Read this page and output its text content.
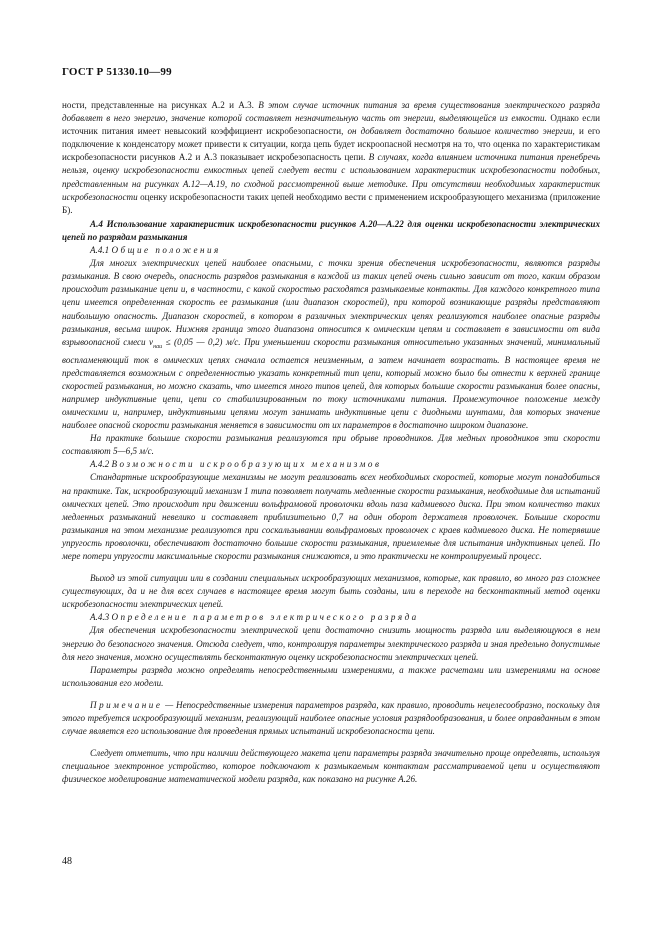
ГОСТ Р 51330.10—99

ности, представленные на рисунках А.2 и А.3. В этом случае источник питания за время существования электрического разряда добавляет в него энергию, значение которой составляет незначительную часть от энергии, выделяющейся из емкости. Однако если источник питания имеет невысокий коэффициент искробезопасности, он добавляет достаточно большое количество энергии, и его подключение к конденсатору может привести к ситуации, когда цепь будет искроопасной несмотря на то, что оценка по характеристикам искробезопасности рисунков А.2 и А.3 показывает искробезопасность цепи. В случаях, когда влиянием источника питания пренебречь нельзя, оценку искробезопасности емкостных цепей следует вести с использованием характеристик искробезопасности подобных, представленным на рисунках А.12—А.19, по сходной рассмотренной выше методике. При отсутствии необходимых характеристик искробезопасности оценку искробезопасности таких цепей необходимо вести с применением искрообразующего механизма (приложение Б).

А.4 Использование характеристик искробезопасности рисунков А.20—А.22 для оценки искробезопасности электрических цепей по разрядам размыкания

А.4.1 Общие положения

Для многих электрических цепей наиболее опасными, с точки зрения обеспечения искробезопасности, являются разряды размыкания. В свою очередь, опасность разрядов размыкания в каждой из таких цепей очень сильно зависит от того, каким образом происходит размыкание цепи и, в частности, с какой скоростью расходятся размыкаемые контакты. Для каждого конкретного типа цепи имеется определенная скорость ее размыкания (или диапазон скоростей), при которой возникающие разряды представляют наибольшую опасность. Диапазон скоростей, в котором в различных электрических цепях реализуются наиболее опасные разряды размыкания, весьма широк. Нижняя граница этого диапазона относится к омическим цепям и составляет в зависимости от вида взрывоопасной смеси $v_{наи} \le (0,05$ — 0,2) м/с. При уменьшении скорости размыкания относительно указанных значений, минимальный воспламеняющий ток в омических цепях сначала остается неизменным, а затем начинает возрастать. В настоящее время не представляется возможным с определенностью указать конкретный тип цепи, который можно было бы отнести к верхней границе скоростей размыкания, но можно сказать, что имеется много типов цепей, для которых большие скорости размыкания более опасны, например индуктивные цепи, цепи со стабилизированным по току источниками питания. Промежуточное положение между омическими и, например, индуктивными цепями могут занимать индуктивные цепи с диодными шунтами, для которых значение наиболее опасной скорости размыкания меняется в зависимости от их параметров в достаточно широком диапазоне.

На практике большие скорости размыкания реализуются при обрыве проводников. Для медных проводников эти скорости составляют 5—6,5 м/с.

А.4.2 Возможности искрообразующих механизмов

Стандартные искрообразующие механизмы не могут реализовать всех необходимых скоростей, которые могут понадобиться на практике. Так, искрообразующий механизм 1 типа позволяет получать медленные скорости размыкания, необходимые для испытаний омических цепей. Это происходит при движении вольфрамовой проволочки вдоль паза кадмиевого диска. При этом количество таких медленных размыканий невелико и составляет приблизительно 0,7 на один оборот держателя проволочек. Большие скорости размыкания на этом механизме реализуются при соскальзывании вольфрамовых проволочек с краев кадмиевого диска. Не потерявшие упругость проволочки, обеспечивают достаточно большие скорости размыкания, приемлемые для испытания индуктивных цепей. По мере потери упругости максимальные скорости размыкания снижаются, и это практически не контролируемый процесс.

Выход из этой ситуации или в создании специальных искрообразующих механизмов, которые, как правило, во много раз сложнее существующих, да и не для всех случаев в настоящее время могут быть созданы, или в переходе на бесконтактный метод оценки искробезопасности электрических цепей.

А.4.3 Определение параметров электрического разряда

Для обеспечения искробезопасности электрической цепи достаточно снизить мощность разряда или выделяющуюся в нем энергию до безопасного значения. Отсюда следует, что, контролируя параметры электрического разряда и зная предельно допустимые для него значения, можно осуществлять бесконтактную оценку искробезопасности электрических цепей.

Параметры разряда можно определять непосредственными измерениями, а также расчетами или измерениями на основе использования его модели.

Примечание — Непосредственные измерения параметров разряда, как правило, проводить нецелесообразно, поскольку для этого требуется искрообразующий механизм, реализующий наиболее опасные условия разрядообразования, и более оправданным в этом случае является его использование для проведения прямых испытаний искробезопасности цепи.

Следует отметить, что при наличии действующего макета цепи параметры разряда значительно проще определять, используя специальное электронное устройство, которое подключают к размыкаемым контактам рассматриваемой цепи и осуществляют физическое моделирование математической модели разряда, как показано на рисунке А.26.

48
